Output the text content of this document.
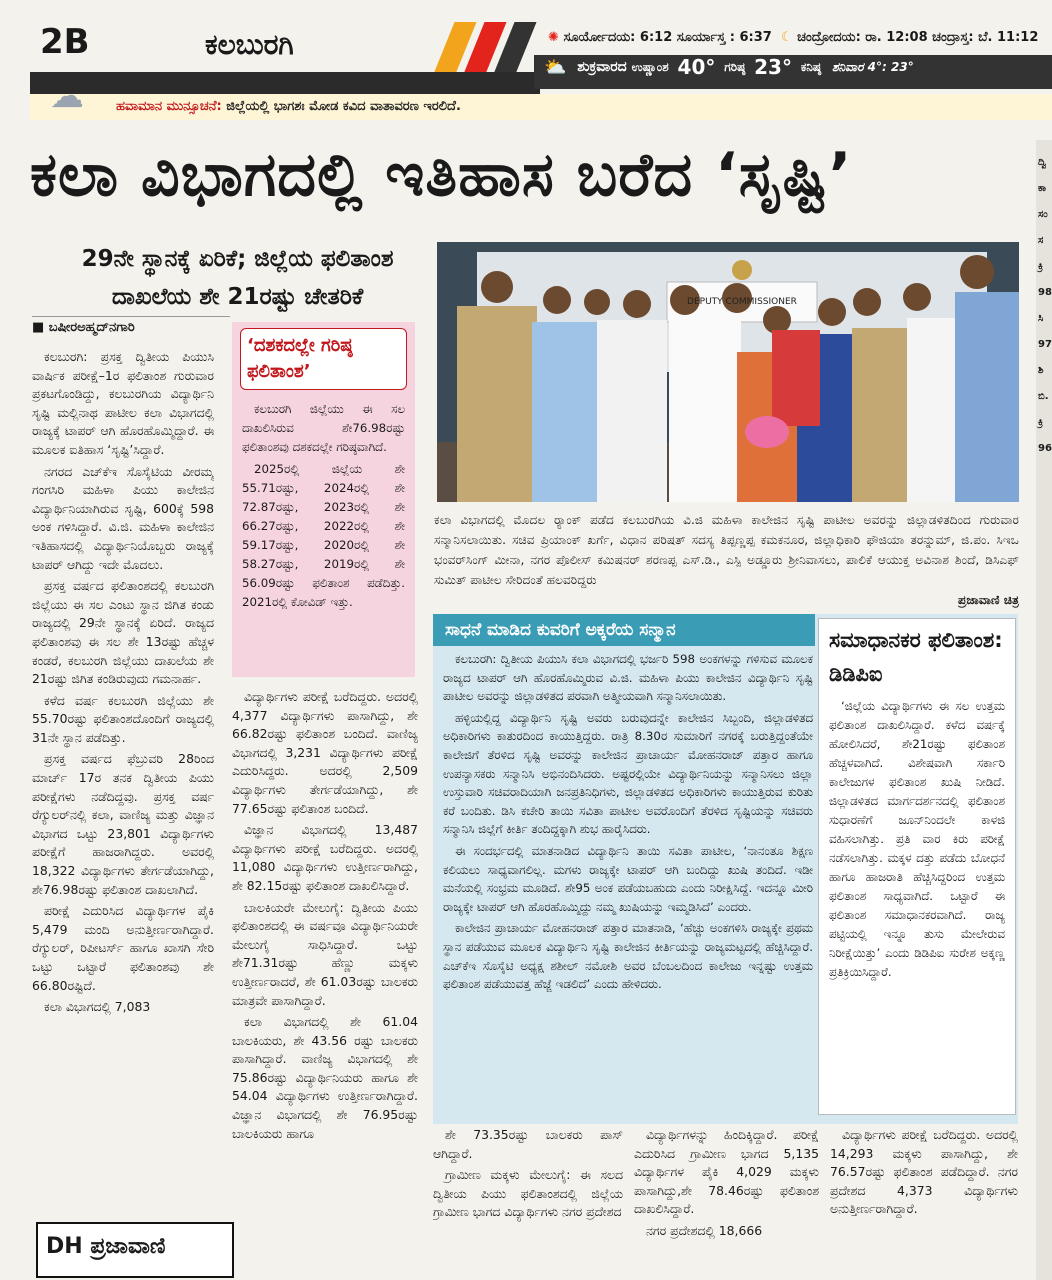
2B	ಕಲಬುರಗಿ	✺ ಸೂರ್ಯೋದಯ: 6:12 ಸೂರ್ಯಾಸ್ತ : 6:37 ☾ ಚಂದ್ರೋದಯ: ರಾ. 12:08 ಚಂದ್ರಾಸ್ತ: ಬೆ. 11:12
⛅ ಶುಕ್ರವಾರದ ಉಷ್ಣಾಂಶ 40° ಗರಿಷ್ಠ 23° ಕನಿಷ್ಠ ಶನಿವಾರ 4°: 23°
☁ ಹವಾಮಾನ ಮುನ್ಸೂಚನೆ: ಜಿಲ್ಲೆಯಲ್ಲಿ ಭಾಗಶಃ ಮೋಡ ಕವಿದ ವಾತಾವರಣ ಇರಲಿದೆ.
ಕಲಾ ವಿಭಾಗದಲ್ಲಿ ಇತಿಹಾಸ ಬರೆದ ‘ಸೃಷ್ಟಿ’
29ನೇ ಸ್ಥಾನಕ್ಕೆ ಏರಿಕೆ; ಜಿಲ್ಲೆಯ ಫಲಿತಾಂಶ
ದಾಖಲೆಯ ಶೇ 21ರಷ್ಟು ಚೇತರಿಕೆ
■ ಬಷೀರಅಹ್ಮದ್‌ನಗಾರಿ

ಕಲಬುರಗಿ: ಪ್ರಸಕ್ತ ದ್ವಿತೀಯ ಪಿಯುಸಿ ವಾರ್ಷಿಕ ಪರೀಕ್ಷೆ–1ರ ಫಲಿತಾಂಶ ಗುರುವಾರ ಪ್ರಕಟಗೊಂಡಿದ್ದು, ಕಲಬುರಗಿಯ ವಿದ್ಯಾರ್ಥಿನಿ ಸೃಷ್ಟಿ ಮಲ್ಲಿನಾಥ ಪಾಟೀಲ ಕಲಾ ವಿಭಾಗದಲ್ಲಿ ರಾಜ್ಯಕ್ಕೆ ಟಾಪರ್ ಆಗಿ ಹೊರಹೊಮ್ಮಿದ್ದಾರೆ. ಈ ಮೂಲಕ ಐತಿಹಾಸ ‘ಸೃಷ್ಟಿ’ಸಿದ್ದಾರೆ.

ನಗರದ ಎಚ್‌ಕೆಇ ಸೊಸೈಟಿಯ ವೀರಮ್ಮ ಗಂಗಸಿರಿ ಮಹಿಳಾ ಪಿಯು ಕಾಲೇಜಿನ ವಿದ್ಯಾರ್ಥಿನಿಯಾಗಿರುವ ಸೃಷ್ಟಿ, 600ಕ್ಕೆ 598 ಅಂಕ ಗಳಿಸಿದ್ದಾರೆ. ವಿ.ಜಿ. ಮಹಿಳಾ ಕಾಲೇಜಿನ ಇತಿಹಾಸದಲ್ಲಿ ವಿದ್ಯಾರ್ಥಿನಿಯೊಬ್ಬರು ರಾಜ್ಯಕ್ಕೆ ಟಾಪರ್ ಆಗಿದ್ದು ಇದೇ ಮೊದಲು.

ಪ್ರಸಕ್ತ ವರ್ಷದ ಫಲಿತಾಂಶದಲ್ಲಿ ಕಲಬುರಗಿ ಜಿಲ್ಲೆಯು ಈ ಸಲ ಎಂಟು ಸ್ಥಾನ ಜಿಗಿತ ಕಂಡು ರಾಜ್ಯದಲ್ಲಿ 29ನೇ ಸ್ಥಾನಕ್ಕೆ ಏರಿದೆ. ರಾಜ್ಯದ ಫಲಿತಾಂಶವು ಈ ಸಲ ಶೇ 13ರಷ್ಟು ಹೆಚ್ಚಳ ಕಂಡರೆ, ಕಲಬುರಗಿ ಜಿಲ್ಲೆಯು ದಾಖಲೆಯ ಶೇ 21ರಷ್ಟು ಜಿಗಿತ ಕಂಡಿರುವುದು ಗಮನಾರ್ಹ.

ಕಳೆದ ವರ್ಷ ಕಲಬುರಗಿ ಜಿಲ್ಲೆಯು ಶೇ 55.70ರಷ್ಟು ಫಲಿತಾಂಶದೊಂದಿಗೆ ರಾಜ್ಯದಲ್ಲಿ 31ನೇ ಸ್ಥಾನ ಪಡೆದಿತ್ತು.

ಪ್ರಸಕ್ತ ವರ್ಷದ ಫೆಬ್ರುವರಿ 28ರಿಂದ ಮಾರ್ಚ್ 17ರ ತನಕ ದ್ವಿತೀಯ ಪಿಯು ಪರೀಕ್ಷೆಗಳು ನಡೆದಿದ್ದವು. ಪ್ರಸಕ್ತ ವರ್ಷ ರೆಗ್ಯುಲರ್‌ನಲ್ಲಿ ಕಲಾ, ವಾಣಿಜ್ಯ ಮತ್ತು ವಿಜ್ಞಾನ ವಿಭಾಗದ ಒಟ್ಟು 23,801 ವಿದ್ಯಾರ್ಥಿಗಳು ಪರೀಕ್ಷೆಗೆ ಹಾಜರಾಗಿದ್ದರು. ಅವರಲ್ಲಿ 18,322 ವಿದ್ಯಾರ್ಥಿಗಳು ತೇರ್ಗಡೆಯಾಗಿದ್ದು, ಶೇ76.98ರಷ್ಟು ಫಲಿತಾಂಶ ದಾಖಲಾಗಿದೆ.

ಪರೀಕ್ಷೆ ಎದುರಿಸಿದ ವಿದ್ಯಾರ್ಥಿಗಳ ಪೈಕಿ 5,479 ಮಂದಿ ಅನುತ್ತೀರ್ಣರಾಗಿದ್ದಾರೆ. ರೆಗ್ಯುಲರ್, ರಿಪೀಟರ್ಸ್ ಹಾಗೂ ಖಾಸಗಿ ಸೇರಿ ಒಟ್ಟು ಒಟ್ಟಾರೆ ಫಲಿತಾಂಶವು ಶೇ 66.80ರಷ್ಟಿದೆ.

ಕಲಾ ವಿಭಾಗದಲ್ಲಿ 7,083

‘ದಶಕದಲ್ಲೇ ಗರಿಷ್ಠ ಫಲಿತಾಂಶ’

ಕಲಬುರಗಿ ಜಿಲ್ಲೆಯು ಈ ಸಲ ದಾಖಲಿಸಿರುವ ಶೇ76.98ರಷ್ಟು ಫಲಿತಾಂಶವು ದಶಕದಲ್ಲೇ ಗರಿಷ್ಠವಾಗಿದೆ.

2025ರಲ್ಲಿ ಜಿಲ್ಲೆಯ ಶೇ 55.71ರಷ್ಟು, 2024ರಲ್ಲಿ ಶೇ 72.87ರಷ್ಟು, 2023ರಲ್ಲಿ ಶೇ 66.27ರಷ್ಟು, 2022ರಲ್ಲಿ ಶೇ 59.17ರಷ್ಟು, 2020ರಲ್ಲಿ ಶೇ 58.27ರಷ್ಟು, 2019ರಲ್ಲಿ ಶೇ 56.09ರಷ್ಟು ಫಲಿತಾಂಶ ಪಡೆದಿತ್ತು. 2021ರಲ್ಲಿ ಕೋವಿಡ್ ಇತ್ತು.

ವಿದ್ಯಾರ್ಥಿಗಳು ಪರೀಕ್ಷೆ ಬರೆದಿದ್ದರು. ಅದರಲ್ಲಿ 4,377 ವಿದ್ಯಾರ್ಥಿಗಳು ಪಾಸಾಗಿದ್ದು, ಶೇ 66.82ರಷ್ಟು ಫಲಿತಾಂಶ ಬಂದಿದೆ. ವಾಣಿಜ್ಯ ವಿಭಾಗದಲ್ಲಿ 3,231 ವಿದ್ಯಾರ್ಥಿಗಳು ಪರೀಕ್ಷೆ ಎದುರಿಸಿದ್ದರು. ಅದರಲ್ಲಿ 2,509 ವಿದ್ಯಾರ್ಥಿಗಳು ತೇರ್ಗಡೆಯಾಗಿದ್ದು, ಶೇ 77.65ರಷ್ಟು ಫಲಿತಾಂಶ ಬಂದಿದೆ.

ವಿಜ್ಞಾನ ವಿಭಾಗದಲ್ಲಿ 13,487 ವಿದ್ಯಾರ್ಥಿಗಳು ಪರೀಕ್ಷೆ ಬರೆದಿದ್ದರು. ಅದರಲ್ಲಿ 11,080 ವಿದ್ಯಾರ್ಥಿಗಳು ಉತ್ತೀರ್ಣರಾಗಿದ್ದು, ಶೇ 82.15ರಷ್ಟು ಫಲಿತಾಂಶ ದಾಖಲಿಸಿದ್ದಾರೆ.

ಬಾಲಕಿಯರೇ ಮೇಲುಗೈ: ದ್ವಿತೀಯ ಪಿಯು ಫಲಿತಾಂಶದಲ್ಲಿ ಈ ವರ್ಷವೂ ವಿದ್ಯಾರ್ಥಿನಿಯರೇ ಮೇಲುಗೈ ಸಾಧಿಸಿದ್ದಾರೆ. ಒಟ್ಟು ಶೇ71.31ರಷ್ಟು ಹೆಣ್ಣು ಮಕ್ಕಳು ಉತ್ತೀರ್ಣರಾದರೆ, ಶೇ 61.03ರಷ್ಟು ಬಾಲಕರು ಮಾತ್ರವೇ ಪಾಸಾಗಿದ್ದಾರೆ.

ಕಲಾ ವಿಭಾಗದಲ್ಲಿ ಶೇ 61.04 ಬಾಲಕಿಯರು, ಶೇ 43.56 ರಷ್ಟು ಬಾಲಕರು ಪಾಸಾಗಿದ್ದಾರೆ. ವಾಣಿಜ್ಯ ವಿಭಾಗದಲ್ಲಿ ಶೇ 75.86ರಷ್ಟು ವಿದ್ಯಾರ್ಥಿನಿಯರು ಹಾಗೂ ಶೇ 54.04 ವಿದ್ಯಾರ್ಥಿಗಳು ಉತ್ತೀರ್ಣರಾಗಿದ್ದಾರೆ. ವಿಜ್ಞಾನ ವಿಭಾಗದಲ್ಲಿ ಶೇ 76.95ರಷ್ಟು ಬಾಲಕಿಯರು ಹಾಗೂ

DEPUTY COMMISSIONER
ಕಲಾ ವಿಭಾಗದಲ್ಲಿ ಮೊದಲ ರ‍್ಯಾಂಕ್ ಪಡೆದ ಕಲಬುರಗಿಯ ವಿ.ಜಿ ಮಹಿಳಾ ಕಾಲೇಜಿನ ಸೃಷ್ಟಿ ಪಾಟೀಲ ಅವರನ್ನು ಜಿಲ್ಲಾಡಳಿತದಿಂದ ಗುರುವಾರ ಸನ್ಮಾನಿಸಲಾಯಿತು. ಸಚಿವ ಪ್ರಿಯಾಂಕ್ ಖರ್ಗೆ, ವಿಧಾನ ಪರಿಷತ್ ಸದಸ್ಯ ತಿಪ್ಪಣ್ಣಪ್ಪ ಕಮಕನೂರ, ಜಿಲ್ಲಾಧಿಕಾರಿ ಫೌಜಿಯಾ ತರನ್ನುಮ್, ಜಿ.ಪಂ. ಸಿಇಒ ಭಂವರ್‌ಸಿಂಗ್ ಮೀನಾ, ನಗರ ಪೊಲೀಸ್ ಕಮಿಷನರ್ ಶರಣಪ್ಪ ಎಸ್.ಡಿ., ಎಸ್ಪಿ ಅಡ್ಡೂರು ಶ್ರೀನಿವಾಸಲು, ಪಾಲಿಕೆ ಆಯುಕ್ತ ಅವಿನಾಶ ಶಿಂದೆ, ಡಿಸಿಎಫ್ ಸುಮಿತ್ ಪಾಟೀಲ ಸೇರಿದಂತೆ ಹಲವರಿದ್ದರು
ಪ್ರಜಾವಾಣಿ ಚಿತ್ರ

ಕಲಬುರಗಿ: ದ್ವಿತೀಯ ಪಿಯುಸಿ ಕಲಾ ವಿಭಾಗದಲ್ಲಿ ಭರ್ಜರಿ 598 ಅಂಕಗಳನ್ನು ಗಳಿಸುವ ಮೂಲಕ ರಾಜ್ಯದ ಟಾಪರ್ ಆಗಿ ಹೊರಹೊಮ್ಮಿರುವ ವಿ.ಜಿ. ಮಹಿಳಾ ಪಿಯು ಕಾಲೇಜಿನ ವಿದ್ಯಾರ್ಥಿನಿ ಸೃಷ್ಟಿ ಪಾಟೀಲ ಅವರನ್ನು ಜಿಲ್ಲಾಡಳಿತದ ಪರವಾಗಿ ಅತ್ಮೀಯವಾಗಿ ಸನ್ಮಾನಿಸಲಾಯಿತು.

ಹಳ್ಳಿಯಲ್ಲಿದ್ದ ವಿದ್ಯಾರ್ಥಿನಿ ಸೃಷ್ಟಿ ಅವರು ಬರುವುದನ್ನೇ ಕಾಲೇಜಿನ ಸಿಬ್ಬಂದಿ, ಜಿಲ್ಲಾಡಳಿತದ ಅಧಿಕಾರಿಗಳು ಕಾತುರದಿಂದ ಕಾಯುತ್ತಿದ್ದರು. ರಾತ್ರಿ 8.30ರ ಸುಮಾರಿಗೆ ನಗರಕ್ಕೆ ಬರುತ್ತಿದ್ದಂತೆಯೇ ಕಾಲೇಜಿಗೆ ತೆರಳಿದ ಸೃಷ್ಟಿ ಅವರನ್ನು ಕಾಲೇಜಿನ ಪ್ರಾಚಾರ್ಯ ಮೋಹನರಾಜ್ ಪತ್ತಾರ ಹಾಗೂ ಉಪನ್ಯಾಸಕರು ಸನ್ಮಾನಿಸಿ ಅಭಿನಂದಿಸಿದರು. ಅಷ್ಟರಲ್ಲಿಯೇ ವಿದ್ಯಾರ್ಥಿನಿಯನ್ನು ಸನ್ಮಾನಿಸಲು ಜಿಲ್ಲಾ ಉಸ್ತುವಾರಿ ಸಚಿವರಾದಿಯಾಗಿ ಜನಪ್ರತಿನಿಧಿಗಳು, ಜಿಲ್ಲಾಡಳಿತದ ಅಧಿಕಾರಿಗಳು ಕಾಯುತ್ತಿರುವ ಕುರಿತು ಕರೆ ಬಂದಿತು. ಡಿಸಿ ಕಚೇರಿ ತಾಯಿ ಸವಿತಾ ಪಾಟೀಲ ಅವರೊಂದಿಗೆ ತೆರಳಿದ ಸೃಷ್ಟಿಯನ್ನು ಸಚಿವರು ಸನ್ಮಾನಿಸಿ ಜಿಲ್ಲೆಗೆ ಕೀರ್ತಿ ತಂದಿದ್ದಕ್ಕಾಗಿ ಶುಭ ಹಾರೈಸಿದರು.

ಈ ಸಂದರ್ಭದಲ್ಲಿ ಮಾತನಾಡಿದ ವಿದ್ಯಾರ್ಥಿನಿ ತಾಯಿ ಸವಿತಾ ಪಾಟೀಲ, ‘ನಾನಂತೂ ಶಿಕ್ಷಣ ಕಲಿಯಲು ಸಾಧ್ಯವಾಗಲಿಲ್ಲ. ಮಗಳು ರಾಜ್ಯಕ್ಕೇ ಟಾಪರ್ ಆಗಿ ಬಂದಿದ್ದು ಖುಷಿ ತಂದಿದೆ. ಇಡೀ ಮನೆಯಲ್ಲಿ ಸಂಭ್ರಮ ಮೂಡಿದೆ. ಶೇ95 ಅಂಕ ಪಡೆಯಬಹುದು ಎಂದು ನಿರೀಕ್ಷಿಸಿದ್ದೆ. ಇದನ್ನೂ ಮೀರಿ ರಾಜ್ಯಕ್ಕೇ ಟಾಪರ್ ಆಗಿ ಹೊರಹೊಮ್ಮಿದ್ದು ನಮ್ಮ ಖುಷಿಯನ್ನು ಇಮ್ಮಡಿಸಿದೆ’ ಎಂದರು.

ಕಾಲೇಜಿನ ಪ್ರಾಚಾರ್ಯ ಮೋಹನರಾಜ್ ಪತ್ತಾರ ಮಾತನಾಡಿ, ‘ಹೆಚ್ಚು ಅಂಕಗಳಿಸಿ ರಾಜ್ಯಕ್ಕೇ ಪ್ರಥಮ ಸ್ಥಾನ ಪಡೆಯುವ ಮೂಲಕ ವಿದ್ಯಾರ್ಥಿನಿ ಸೃಷ್ಟಿ ಕಾಲೇಜಿನ ಕೀರ್ತಿಯನ್ನು ರಾಜ್ಯಮಟ್ಟದಲ್ಲಿ ಹೆಚ್ಚಿಸಿದ್ದಾರೆ. ಎಚ್‌ಕೆಇ ಸೊಸೈಟಿ ಅಧ್ಯಕ್ಷ ಶಶೀಲ್ ನಮೋಶಿ ಅವರ ಬೆಂಬಲದಿಂದ ಕಾಲೇಜು ಇನ್ನಷ್ಟು ಉತ್ತಮ ಫಲಿತಾಂಶ ಪಡೆಯುವತ್ತ ಹೆಜ್ಜೆ ಇಡಲಿದೆ’ ಎಂದು ಹೇಳಿದರು.

ಸಾಧನೆ ಮಾಡಿದ ಕುವರಿಗೆ ಅಕ್ಕರೆಯ ಸನ್ಮಾನ	ಸಮಾಧಾನಕರ ಫಲಿತಾಂಶ: ಡಿಡಿಪಿಐ

‘ಜಿಲ್ಲೆಯ ವಿದ್ಯಾರ್ಥಿಗಳು ಈ ಸಲ ಉತ್ತಮ ಫಲಿತಾಂಶ ದಾಖಲಿಸಿದ್ದಾರೆ. ಕಳೆದ ವರ್ಷಕ್ಕೆ ಹೋಲಿಸಿದರೆ, ಶೇ21ರಷ್ಟು ಫಲಿತಾಂಶ ಹೆಚ್ಚಳವಾಗಿದೆ. ವಿಶೇಷವಾಗಿ ಸರ್ಕಾರಿ ಕಾಲೇಜುಗಳ ಫಲಿತಾಂಶ ಖುಷಿ ನೀಡಿದೆ. ಜಿಲ್ಲಾಡಳಿತದ ಮಾರ್ಗದರ್ಶನದಲ್ಲಿ ಫಲಿತಾಂಶ ಸುಧಾರಣೆಗೆ ಜೂನ್‌ನಿಂದಲೇ ಕಾಳಜಿ ವಹಿಸಲಾಗಿತ್ತು. ಪ್ರತಿ ವಾರ ಕಿರು ಪರೀಕ್ಷೆ ನಡೆಸಲಾಗಿತ್ತು. ಮಕ್ಕಳ ದತ್ತು ಪಡೆದು ಬೋಧನೆ ಹಾಗೂ ಹಾಜರಾತಿ ಹೆಚ್ಚಿಸಿದ್ದರಿಂದ ಉತ್ತಮ ಫಲಿತಾಂಶ ಸಾಧ್ಯವಾಗಿದೆ. ಒಟ್ಟಾರೆ ಈ ಫಲಿತಾಂಶ ಸಮಾಧಾನಕರವಾಗಿದೆ. ರಾಜ್ಯ ಪಟ್ಟಿಯಲ್ಲಿ ಇನ್ನೂ ತುಸು ಮೇಲೇರುವ ನಿರೀಕ್ಷೆಯಿತ್ತು’ ಎಂದು ಡಿಡಿಪಿಐ ಸುರೇಶ ಅಕ್ಕಣ್ಣ ಪ್ರತಿಕ್ರಿಯಿಸಿದ್ದಾರೆ.

ಶೇ 73.35ರಷ್ಟು ಬಾಲಕರು ಪಾಸ್ ಆಗಿದ್ದಾರೆ.

ಗ್ರಾಮೀಣ ಮಕ್ಕಳು ಮೇಲುಗೈ: ಈ ಸಲದ ದ್ವಿತೀಯ ಪಿಯು ಫಲಿತಾಂಶದಲ್ಲಿ ಜಿಲ್ಲೆಯ ಗ್ರಾಮೀಣ ಭಾಗದ ವಿದ್ಯಾರ್ಥಿಗಳು ನಗರ ಪ್ರದೇಶದ

ವಿದ್ಯಾರ್ಥಿಗಳನ್ನು ಹಿಂದಿಕ್ಕಿದ್ದಾರೆ. ಪರೀಕ್ಷೆ ಎದುರಿಸಿದ ಗ್ರಾಮೀಣ ಭಾಗದ 5,135 ವಿದ್ಯಾರ್ಥಿಗಳ ಪೈಕಿ 4,029 ಮಕ್ಕಳು ಪಾಸಾಗಿದ್ದು,ಶೇ 78.46ರಷ್ಟು ಫಲಿತಾಂಶ ದಾಖಲಿಸಿದ್ದಾರೆ.

ನಗರ ಪ್ರದೇಶದಲ್ಲಿ 18,666

ವಿದ್ಯಾರ್ಥಿಗಳು ಪರೀಕ್ಷೆ ಬರೆದಿದ್ದರು. ಅದರಲ್ಲಿ 14,293 ಮಕ್ಕಳು ಪಾಸಾಗಿದ್ದು, ಶೇ 76.57ರಷ್ಟು ಫಲಿತಾಂಶ ಪಡೆದಿದ್ದಾರೆ. ನಗರ ಪ್ರದೇಶದ 4,373 ವಿದ್ಯಾರ್ಥಿಗಳು ಅನುತ್ತೀರ್ಣರಾಗಿದ್ದಾರೆ.

ದ್ವಿ
ಕಾ
ಸಂ
ಸ
ಕ್ರಿ
98
ಸಿ
97
ಶಿ
ಬಿ.
ಕ್ರಿ
96
DH ಪ್ರಜಾವಾಣಿ
